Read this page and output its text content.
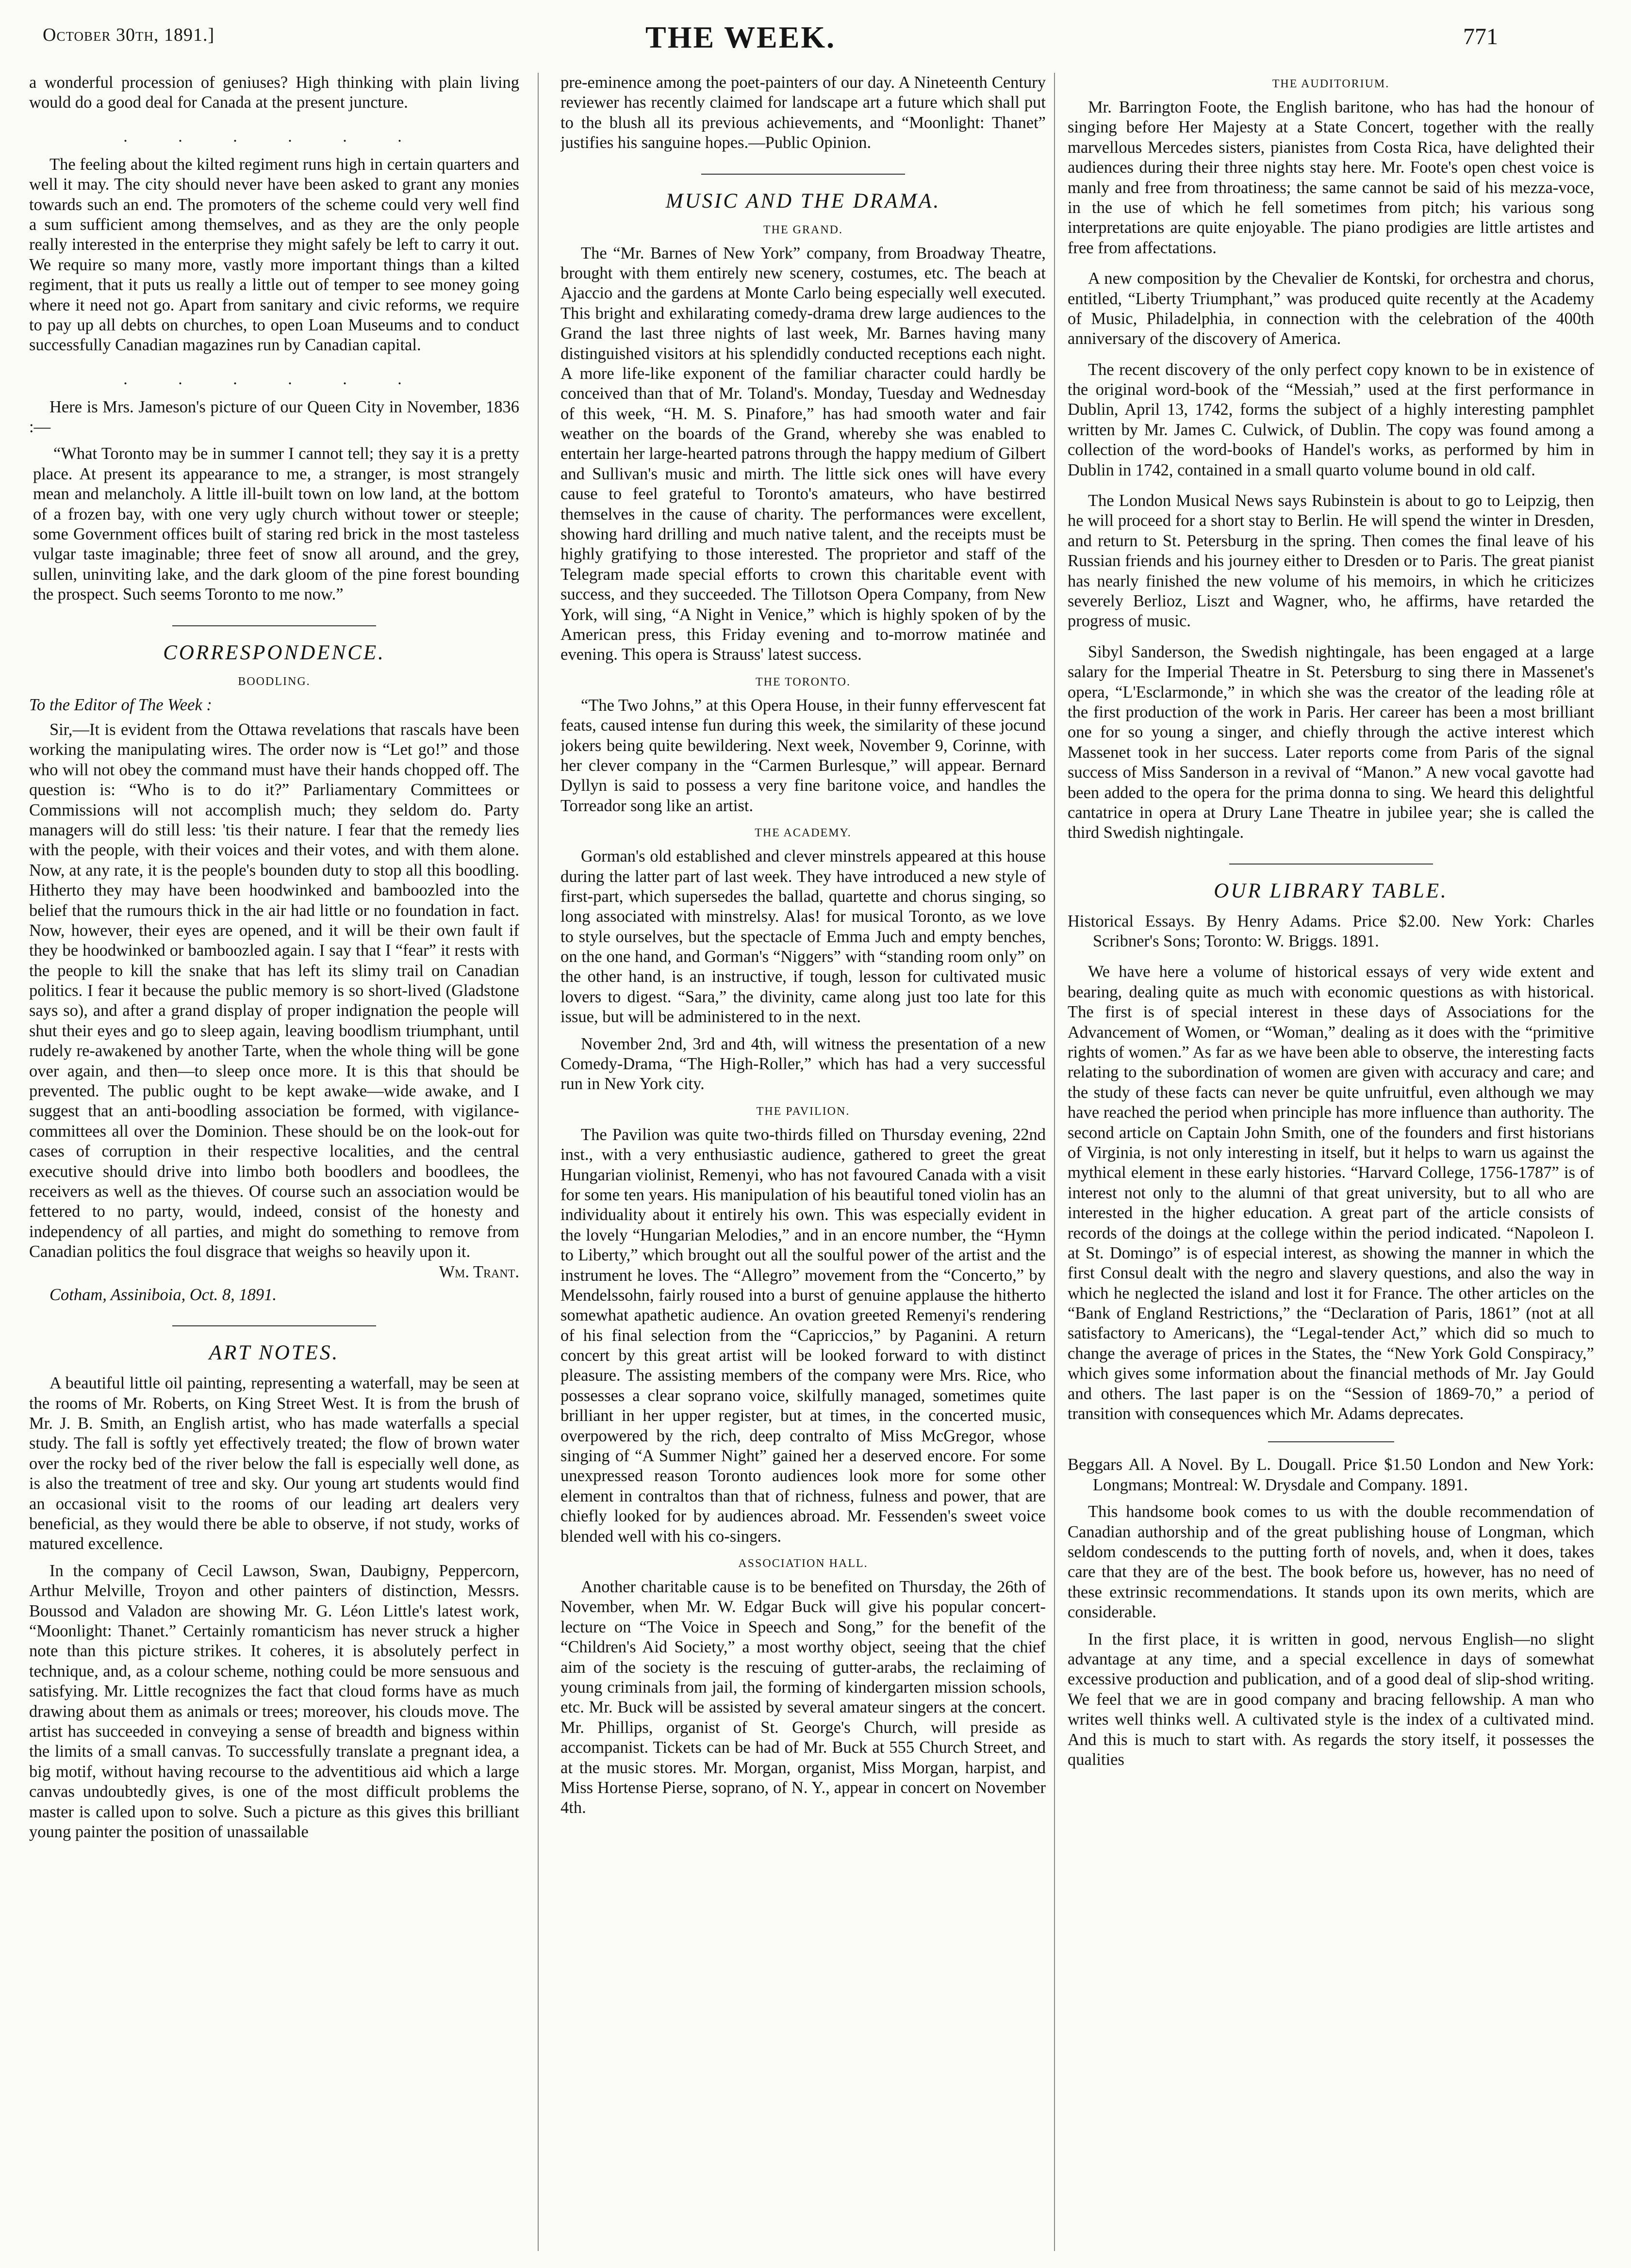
October 30th, 1891.]	THE WEEK.	771

a wonderful procession of geniuses? High thinking with plain living would do a good deal for Canada at the present juncture.

. . . . . .

The feeling about the kilted regiment runs high in certain quarters and well it may. The city should never have been asked to grant any monies towards such an end. The promoters of the scheme could very well find a sum sufficient among themselves, and as they are the only people really interested in the enterprise they might safely be left to carry it out. We require so many more, vastly more important things than a kilted regiment, that it puts us really a little out of temper to see money going where it need not go. Apart from sanitary and civic reforms, we require to pay up all debts on churches, to open Loan Museums and to conduct successfully Canadian magazines run by Canadian capital.

. . . . . .

Here is Mrs. Jameson's picture of our Queen City in November, 1836 :—

“What Toronto may be in summer I cannot tell; they say it is a pretty place. At present its appearance to me, a stranger, is most strangely mean and melancholy. A little ill-built town on low land, at the bottom of a frozen bay, with one very ugly church without tower or steeple; some Government offices built of staring red brick in the most tasteless vulgar taste imaginable; three feet of snow all around, and the grey, sullen, uninviting lake, and the dark gloom of the pine forest bounding the prospect. Such seems Toronto to me now.”

CORRESPONDENCE.
BOODLING.

To the Editor of The Week :

Sir,—It is evident from the Ottawa revelations that rascals have been working the manipulating wires. The order now is “Let go!” and those who will not obey the command must have their hands chopped off. The question is: “Who is to do it?” Parliamentary Committees or Commissions will not accomplish much; they seldom do. Party managers will do still less: 'tis their nature. I fear that the remedy lies with the people, with their voices and their votes, and with them alone. Now, at any rate, it is the people's bounden duty to stop all this boodling. Hitherto they may have been hoodwinked and bamboozled into the belief that the rumours thick in the air had little or no foundation in fact. Now, however, their eyes are opened, and it will be their own fault if they be hoodwinked or bamboozled again. I say that I “fear” it rests with the people to kill the snake that has left its slimy trail on Canadian politics. I fear it because the public memory is so short-lived (Gladstone says so), and after a grand display of proper indignation the people will shut their eyes and go to sleep again, leaving boodlism triumphant, until rudely re-awakened by another Tarte, when the whole thing will be gone over again, and then—to sleep once more. It is this that should be prevented. The public ought to be kept awake—wide awake, and I suggest that an anti-boodling association be formed, with vigilance-committees all over the Dominion. These should be on the look-out for cases of corruption in their respective localities, and the central executive should drive into limbo both boodlers and boodlees, the receivers as well as the thieves. Of course such an association would be fettered to no party, would, indeed, consist of the honesty and independency of all parties, and might do something to remove from Canadian politics the foul disgrace that weighs so heavily upon it.

Wm. Trant.

Cotham, Assiniboia, Oct. 8, 1891.

ART NOTES.

A beautiful little oil painting, representing a waterfall, may be seen at the rooms of Mr. Roberts, on King Street West. It is from the brush of Mr. J. B. Smith, an English artist, who has made waterfalls a special study. The fall is softly yet effectively treated; the flow of brown water over the rocky bed of the river below the fall is especially well done, as is also the treatment of tree and sky. Our young art students would find an occasional visit to the rooms of our leading art dealers very beneficial, as they would there be able to observe, if not study, works of matured excellence.

In the company of Cecil Lawson, Swan, Daubigny, Peppercorn, Arthur Melville, Troyon and other painters of distinction, Messrs. Boussod and Valadon are showing Mr. G. Léon Little's latest work, “Moonlight: Thanet.” Certainly romanticism has never struck a higher note than this picture strikes. It coheres, it is absolutely perfect in technique, and, as a colour scheme, nothing could be more sensuous and satisfying. Mr. Little recognizes the fact that cloud forms have as much drawing about them as animals or trees; moreover, his clouds move. The artist has succeeded in conveying a sense of breadth and bigness within the limits of a small canvas. To successfully translate a pregnant idea, a big motif, without having recourse to the adventitious aid which a large canvas undoubtedly gives, is one of the most difficult problems the master is called upon to solve. Such a picture as this gives this brilliant young painter the position of unassailable

pre-eminence among the poet-painters of our day. A Nineteenth Century reviewer has recently claimed for landscape art a future which shall put to the blush all its previous achievements, and “Moonlight: Thanet” justifies his sanguine hopes.—Public Opinion.

MUSIC AND THE DRAMA.
THE GRAND.

The “Mr. Barnes of New York” company, from Broadway Theatre, brought with them entirely new scenery, costumes, etc. The beach at Ajaccio and the gardens at Monte Carlo being especially well executed. This bright and exhilarating comedy-drama drew large audiences to the Grand the last three nights of last week, Mr. Barnes having many distinguished visitors at his splendidly conducted receptions each night. A more life-like exponent of the familiar character could hardly be conceived than that of Mr. Toland's. Monday, Tuesday and Wednesday of this week, “H. M. S. Pinafore,” has had smooth water and fair weather on the boards of the Grand, whereby she was enabled to entertain her large-hearted patrons through the happy medium of Gilbert and Sullivan's music and mirth. The little sick ones will have every cause to feel grateful to Toronto's amateurs, who have bestirred themselves in the cause of charity. The performances were excellent, showing hard drilling and much native talent, and the receipts must be highly gratifying to those interested. The proprietor and staff of the Telegram made special efforts to crown this charitable event with success, and they succeeded. The Tillotson Opera Company, from New York, will sing, “A Night in Venice,” which is highly spoken of by the American press, this Friday evening and to-morrow matinée and evening. This opera is Strauss' latest success.

THE TORONTO.

“The Two Johns,” at this Opera House, in their funny effervescent fat feats, caused intense fun during this week, the similarity of these jocund jokers being quite bewildering. Next week, November 9, Corinne, with her clever company in the “Carmen Burlesque,” will appear. Bernard Dyllyn is said to possess a very fine baritone voice, and handles the Torreador song like an artist.

THE ACADEMY.

Gorman's old established and clever minstrels appeared at this house during the latter part of last week. They have introduced a new style of first-part, which supersedes the ballad, quartette and chorus singing, so long associated with minstrelsy. Alas! for musical Toronto, as we love to style ourselves, but the spectacle of Emma Juch and empty benches, on the one hand, and Gorman's “Niggers” with “standing room only” on the other hand, is an instructive, if tough, lesson for cultivated music lovers to digest. “Sara,” the divinity, came along just too late for this issue, but will be administered to in the next.

November 2nd, 3rd and 4th, will witness the presentation of a new Comedy-Drama, “The High-Roller,” which has had a very successful run in New York city.

THE PAVILION.

The Pavilion was quite two-thirds filled on Thursday evening, 22nd inst., with a very enthusiastic audience, gathered to greet the great Hungarian violinist, Remenyi, who has not favoured Canada with a visit for some ten years. His manipulation of his beautiful toned violin has an individuality about it entirely his own. This was especially evident in the lovely “Hungarian Melodies,” and in an encore number, the “Hymn to Liberty,” which brought out all the soulful power of the artist and the instrument he loves. The “Allegro” movement from the “Concerto,” by Mendelssohn, fairly roused into a burst of genuine applause the hitherto somewhat apathetic audience. An ovation greeted Remenyi's rendering of his final selection from the “Capriccios,” by Paganini. A return concert by this great artist will be looked forward to with distinct pleasure. The assisting members of the company were Mrs. Rice, who possesses a clear soprano voice, skilfully managed, sometimes quite brilliant in her upper register, but at times, in the concerted music, overpowered by the rich, deep contralto of Miss McGregor, whose singing of “A Summer Night” gained her a deserved encore. For some unexpressed reason Toronto audiences look more for some other element in contraltos than that of richness, fulness and power, that are chiefly looked for by audiences abroad. Mr. Fessenden's sweet voice blended well with his co-singers.

ASSOCIATION HALL.

Another charitable cause is to be benefited on Thursday, the 26th of November, when Mr. W. Edgar Buck will give his popular concert-lecture on “The Voice in Speech and Song,” for the benefit of the “Children's Aid Society,” a most worthy object, seeing that the chief aim of the society is the rescuing of gutter-arabs, the reclaiming of young criminals from jail, the forming of kindergarten mission schools, etc. Mr. Buck will be assisted by several amateur singers at the concert. Mr. Phillips, organist of St. George's Church, will preside as accompanist. Tickets can be had of Mr. Buck at 555 Church Street, and at the music stores. Mr. Morgan, organist, Miss Morgan, harpist, and Miss Hortense Pierse, soprano, of N. Y., appear in concert on November 4th.

THE AUDITORIUM.

Mr. Barrington Foote, the English baritone, who has had the honour of singing before Her Majesty at a State Concert, together with the really marvellous Mercedes sisters, pianistes from Costa Rica, have delighted their audiences during their three nights stay here. Mr. Foote's open chest voice is manly and free from throatiness; the same cannot be said of his mezza-voce, in the use of which he fell sometimes from pitch; his various song interpretations are quite enjoyable. The piano prodigies are little artistes and free from affectations.

A new composition by the Chevalier de Kontski, for orchestra and chorus, entitled, “Liberty Triumphant,” was produced quite recently at the Academy of Music, Philadelphia, in connection with the celebration of the 400th anniversary of the discovery of America.

The recent discovery of the only perfect copy known to be in existence of the original word-book of the “Messiah,” used at the first performance in Dublin, April 13, 1742, forms the subject of a highly interesting pamphlet written by Mr. James C. Culwick, of Dublin. The copy was found among a collection of the word-books of Handel's works, as performed by him in Dublin in 1742, contained in a small quarto volume bound in old calf.

The London Musical News says Rubinstein is about to go to Leipzig, then he will proceed for a short stay to Berlin. He will spend the winter in Dresden, and return to St. Petersburg in the spring. Then comes the final leave of his Russian friends and his journey either to Dresden or to Paris. The great pianist has nearly finished the new volume of his memoirs, in which he criticizes severely Berlioz, Liszt and Wagner, who, he affirms, have retarded the progress of music.

Sibyl Sanderson, the Swedish nightingale, has been engaged at a large salary for the Imperial Theatre in St. Petersburg to sing there in Massenet's opera, “L'Esclarmonde,” in which she was the creator of the leading rôle at the first production of the work in Paris. Her career has been a most brilliant one for so young a singer, and chiefly through the active interest which Massenet took in her success. Later reports come from Paris of the signal success of Miss Sanderson in a revival of “Manon.” A new vocal gavotte had been added to the opera for the prima donna to sing. We heard this delightful cantatrice in opera at Drury Lane Theatre in jubilee year; she is called the third Swedish nightingale.

OUR LIBRARY TABLE.

Historical Essays. By Henry Adams. Price $2.00. New York: Charles Scribner's Sons; Toronto: W. Briggs. 1891.

We have here a volume of historical essays of very wide extent and bearing, dealing quite as much with economic questions as with historical. The first is of special interest in these days of Associations for the Advancement of Women, or “Woman,” dealing as it does with the “primitive rights of women.” As far as we have been able to observe, the interesting facts relating to the subordination of women are given with accuracy and care; and the study of these facts can never be quite unfruitful, even although we may have reached the period when principle has more influence than authority. The second article on Captain John Smith, one of the founders and first historians of Virginia, is not only interesting in itself, but it helps to warn us against the mythical element in these early histories. “Harvard College, 1756-1787” is of interest not only to the alumni of that great university, but to all who are interested in the higher education. A great part of the article consists of records of the doings at the college within the period indicated. “Napoleon I. at St. Domingo” is of especial interest, as showing the manner in which the first Consul dealt with the negro and slavery questions, and also the way in which he neglected the island and lost it for France. The other articles on the “Bank of England Restrictions,” the “Declaration of Paris, 1861” (not at all satisfactory to Americans), the “Legal-tender Act,” which did so much to change the average of prices in the States, the “New York Gold Conspiracy,” which gives some information about the financial methods of Mr. Jay Gould and others. The last paper is on the “Session of 1869-70,” a period of transition with consequences which Mr. Adams deprecates.

Beggars All. A Novel. By L. Dougall. Price $1.50 London and New York: Longmans; Montreal: W. Drysdale and Company. 1891.

This handsome book comes to us with the double recommendation of Canadian authorship and of the great publishing house of Longman, which seldom condescends to the putting forth of novels, and, when it does, takes care that they are of the best. The book before us, however, has no need of these extrinsic recommendations. It stands upon its own merits, which are considerable.

In the first place, it is written in good, nervous English—no slight advantage at any time, and a special excellence in days of somewhat excessive production and publication, and of a good deal of slip-shod writing. We feel that we are in good company and bracing fellowship. A man who writes well thinks well. A cultivated style is the index of a cultivated mind. And this is much to start with. As regards the story itself, it possesses the qualities
